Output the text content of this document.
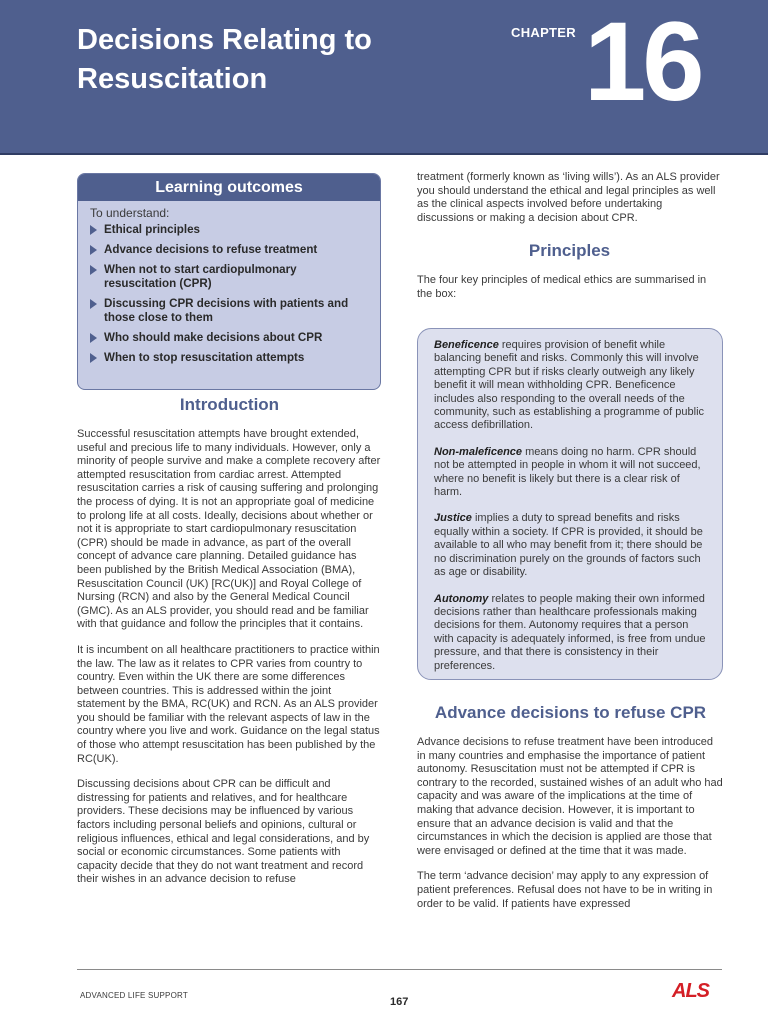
Decisions Relating to Resuscitation
CHAPTER 16
Learning outcomes
To understand:
Ethical principles
Advance decisions to refuse treatment
When not to start cardiopulmonary resuscitation (CPR)
Discussing CPR decisions with patients and those close to them
Who should make decisions about CPR
When to stop resuscitation attempts
Introduction

Successful resuscitation attempts have brought extended, useful and precious life to many individuals. However, only a minority of people survive and make a complete recovery after attempted resuscitation from cardiac arrest. Attempted resuscitation carries a risk of causing suffering and prolonging the process of dying. It is not an appropriate goal of medicine to prolong life at all costs. Ideally, decisions about whether or not it is appropriate to start cardiopulmonary resuscitation (CPR) should be made in advance, as part of the overall concept of advance care planning. Detailed guidance has been published by the British Medical Association (BMA), Resuscitation Council (UK) [RC(UK)] and Royal College of Nursing (RCN) and also by the General Medical Council (GMC). As an ALS provider, you should read and be familiar with that guidance and follow the principles that it contains.

It is incumbent on all healthcare practitioners to practice within the law. The law as it relates to CPR varies from country to country. Even within the UK there are some differences between countries. This is addressed within the joint statement by the BMA, RC(UK) and RCN. As an ALS provider you should be familiar with the relevant aspects of law in the country where you live and work. Guidance on the legal status of those who attempt resuscitation has been published by the RC(UK).

Discussing decisions about CPR can be difficult and distressing for patients and relatives, and for healthcare providers. These decisions may be influenced by various factors including personal beliefs and opinions, cultural or religious influences, ethical and legal considerations, and by social or economic circumstances. Some patients with capacity decide that they do not want treatment and record their wishes in an advance decision to refuse

treatment (formerly known as ‘living wills’). As an ALS provider you should understand the ethical and legal principles as well as the clinical aspects involved before undertaking discussions or making a decision about CPR.

Principles

The four key principles of medical ethics are summarised in the box:

Beneficence requires provision of benefit while balancing benefit and risks. Commonly this will involve attempting CPR but if risks clearly outweigh any likely benefit it will mean withholding CPR. Beneficence includes also responding to the overall needs of the community, such as establishing a programme of public access defibrillation.

Non-maleficence means doing no harm. CPR should not be attempted in people in whom it will not succeed, where no benefit is likely but there is a clear risk of harm.

Justice implies a duty to spread benefits and risks equally within a society. If CPR is provided, it should be available to all who may benefit from it; there should be no discrimination purely on the grounds of factors such as age or disability.

Autonomy relates to people making their own informed decisions rather than healthcare professionals making decisions for them. Autonomy requires that a person with capacity is adequately informed, is free from undue pressure, and that there is consistency in their preferences.

Advance decisions to refuse CPR

Advance decisions to refuse treatment have been introduced in many countries and emphasise the importance of patient autonomy. Resuscitation must not be attempted if CPR is contrary to the recorded, sustained wishes of an adult who had capacity and was aware of the implications at the time of making that advance decision. However, it is important to ensure that an advance decision is valid and that the circumstances in which the decision is applied are those that were envisaged or defined at the time that it was made.

The term ‘advance decision’ may apply to any expression of patient preferences. Refusal does not have to be in writing in order to be valid. If patients have expressed

ADVANCED LIFE SUPPORT
167	ALS
